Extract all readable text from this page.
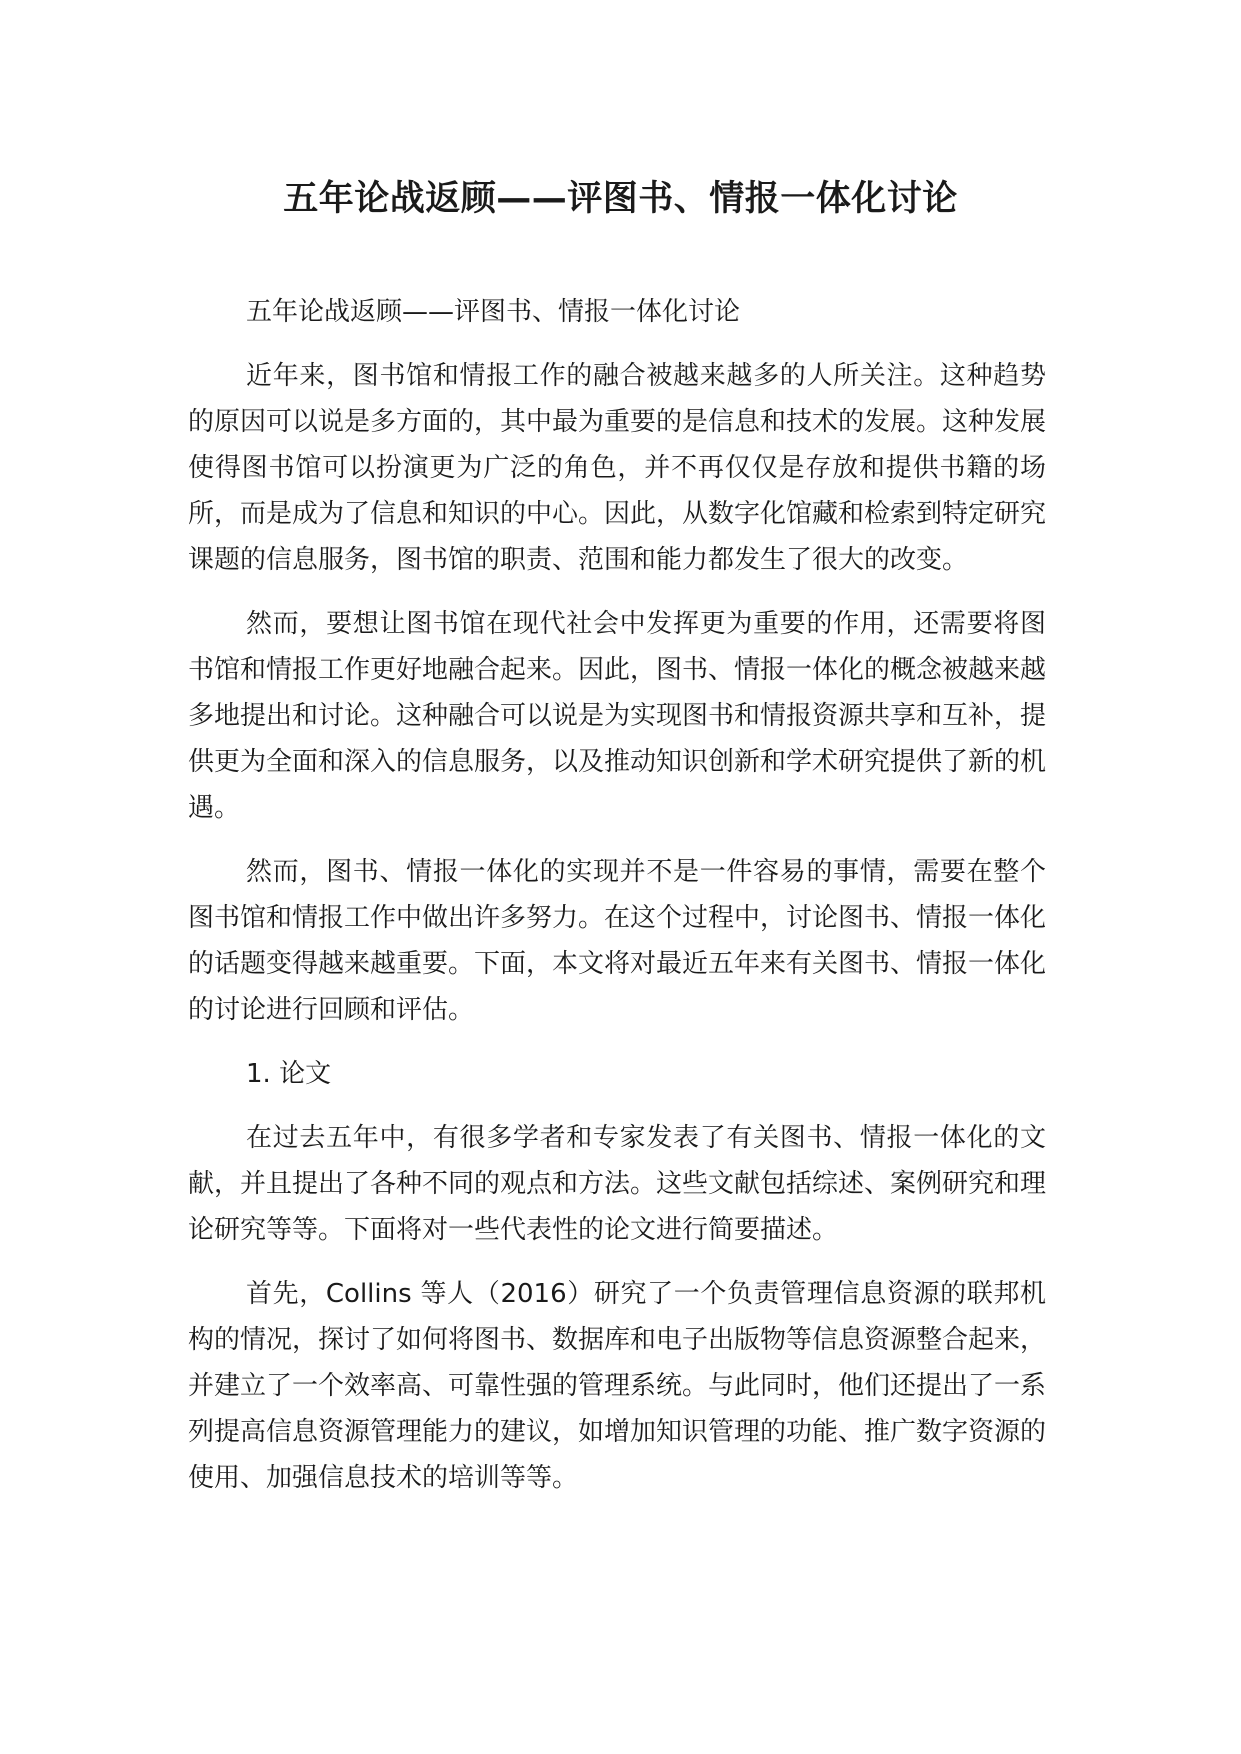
五年论战返顾——评图书、情报一体化讨论

五年论战返顾——评图书、情报一体化讨论

近年来，图书馆和情报工作的融合被越来越多的人所关注。这种趋势的原因可以说是多方面的，其中最为重要的是信息和技术的发展。这种发展使得图书馆可以扮演更为广泛的角色，并不再仅仅是存放和提供书籍的场所，而是成为了信息和知识的中心。因此，从数字化馆藏和检索到特定研究课题的信息服务，图书馆的职责、范围和能力都发生了很大的改变。

然而，要想让图书馆在现代社会中发挥更为重要的作用，还需要将图书馆和情报工作更好地融合起来。因此，图书、情报一体化的概念被越来越多地提出和讨论。这种融合可以说是为实现图书和情报资源共享和互补，提供更为全面和深入的信息服务，以及推动知识创新和学术研究提供了新的机遇。

然而，图书、情报一体化的实现并不是一件容易的事情，需要在整个图书馆和情报工作中做出许多努力。在这个过程中，讨论图书、情报一体化的话题变得越来越重要。下面，本文将对最近五年来有关图书、情报一体化的讨论进行回顾和评估。

1. 论文

在过去五年中，有很多学者和专家发表了有关图书、情报一体化的文献，并且提出了各种不同的观点和方法。这些文献包括综述、案例研究和理论研究等等。下面将对一些代表性的论文进行简要描述。

首先，Collins 等人（2016）研究了一个负责管理信息资源的联邦机构的情况，探讨了如何将图书、数据库和电子出版物等信息资源整合起来，并建立了一个效率高、可靠性强的管理系统。与此同时，他们还提出了一系列提高信息资源管理能力的建议，如增加知识管理的功能、推广数字资源的使用、加强信息技术的培训等等。
